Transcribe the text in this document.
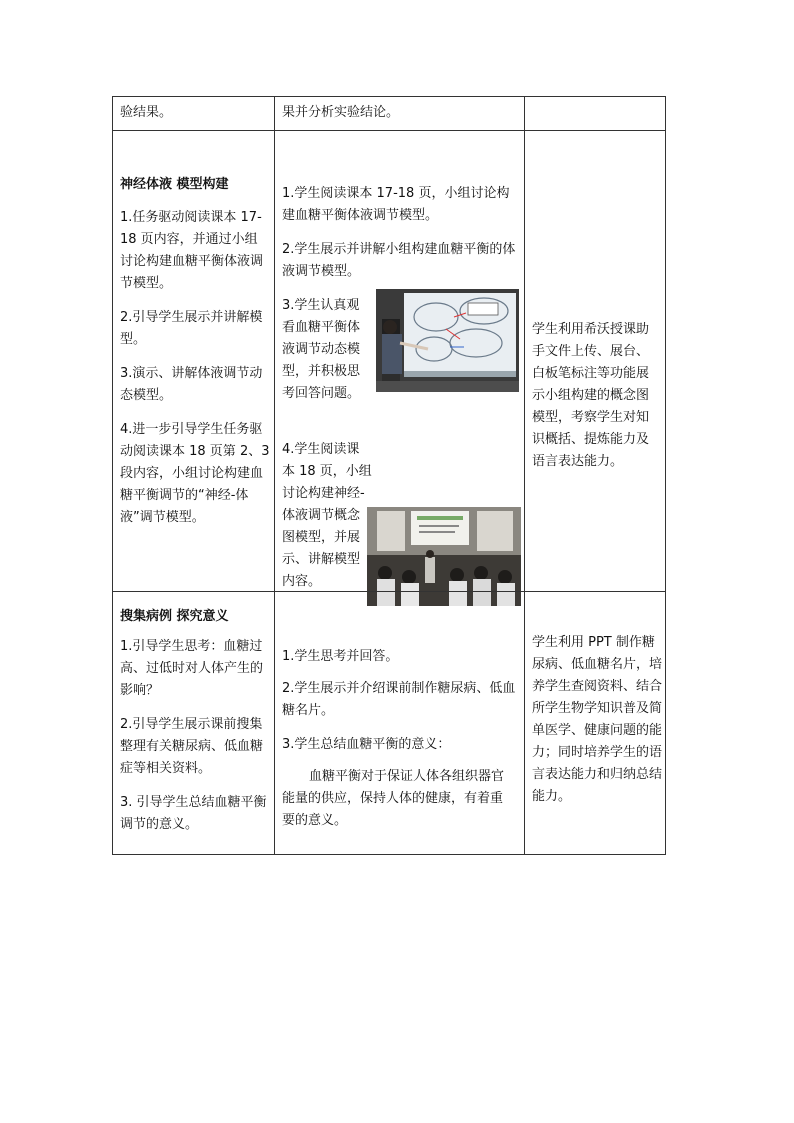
验结果。	果并分析实验结论。

神经体液 模型构建

1.任务驱动阅读课本 17-18 页内容，并通过小组讨论构建血糖平衡体液调节模型。

2.引导学生展示并讲解模型。

3.演示、讲解体液调节动态模型。

4.进一步引导学生任务驱动阅读课本 18 页第 2、3 段内容，小组讨论构建血糖平衡调节的“神经-体液”调节模型。

1.学生阅读课本 17-18 页，小组讨论构建血糖平衡体液调节模型。

2.学生展示并讲解小组构建血糖平衡的体液调节模型。

3.学生认真观看血糖平衡体液调节动态模型，并积极思考回答问题。

4.学生阅读课本 18 页，小组讨论构建神经-体液调节概念图模型，并展示、讲解模型内容。

学生利用希沃授课助手文件上传、展台、白板笔标注等功能展示小组构建的概念图模型，考察学生对知识概括、提炼能力及语言表达能力。

搜集病例 探究意义

1.引导学生思考：血糖过高、过低时对人体产生的影响？

2.引导学生展示课前搜集整理有关糖尿病、低血糖症等相关资料。

3. 引导学生总结血糖平衡调节的意义。

1.学生思考并回答。

2.学生展示并介绍课前制作糖尿病、低血糖名片。

3.学生总结血糖平衡的意义：

血糖平衡对于保证人体各组织器官能量的供应，保持人体的健康，有着重要的意义。

学生利用 PPT 制作糖尿病、低血糖名片，培养学生查阅资料、结合所学生物学知识普及简单医学、健康问题的能力；同时培养学生的语言表达能力和归纳总结能力。
